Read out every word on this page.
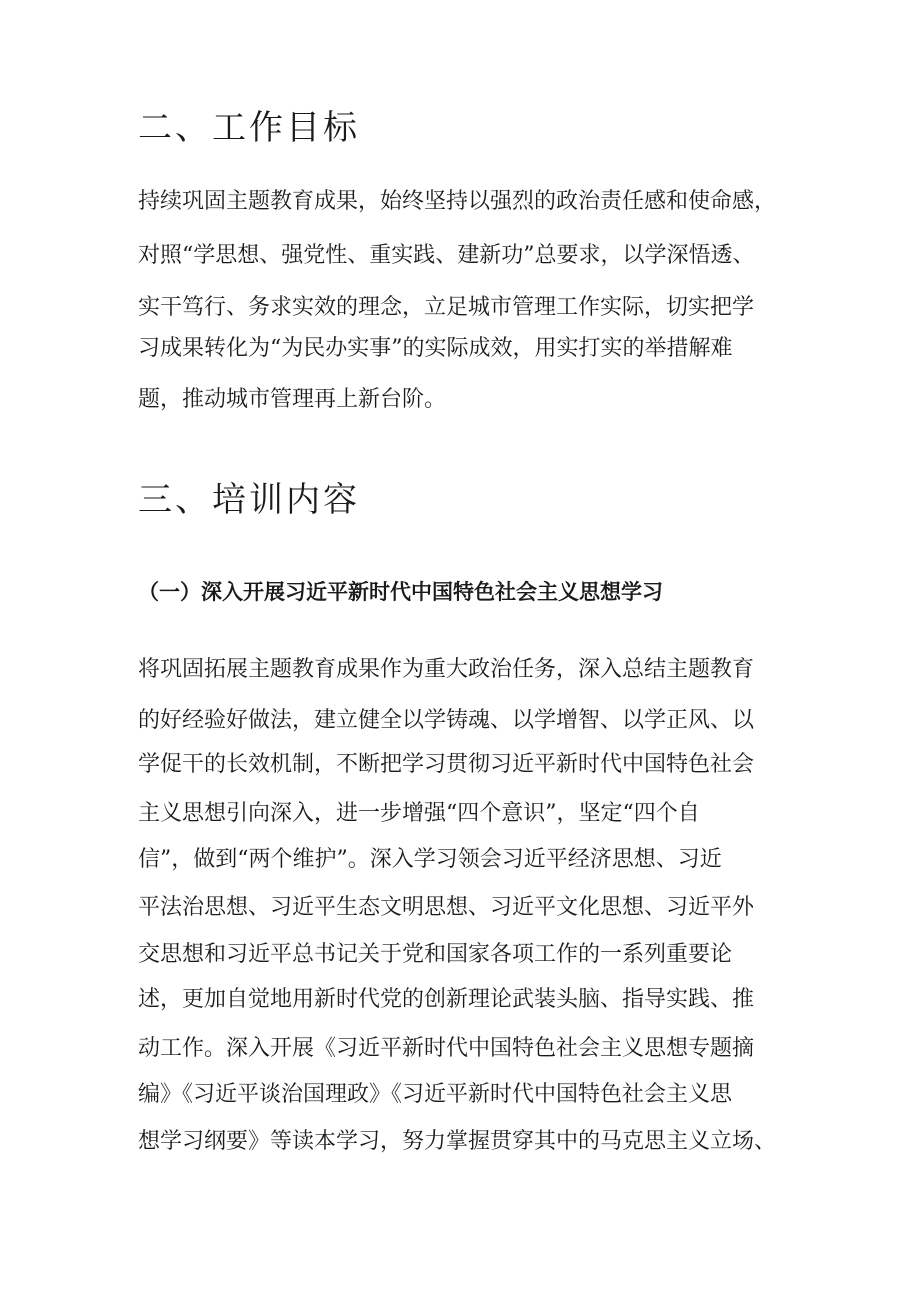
二、工作目标
持续巩固主题教育成果，始终坚持以强烈的政治责任感和使命感，
对照“学思想、强党性、重实践、建新功”总要求，以学深悟透、
实干笃行、务求实效的理念，立足城市管理工作实际，切实把学
习成果转化为“为民办实事”的实际成效，用实打实的举措解难
题，推动城市管理再上新台阶。
三、培训内容
（一）深入开展习近平新时代中国特色社会主义思想学习
将巩固拓展主题教育成果作为重大政治任务，深入总结主题教育
的好经验好做法，建立健全以学铸魂、以学增智、以学正风、以
学促干的长效机制，不断把学习贯彻习近平新时代中国特色社会
主义思想引向深入，进一步增强“四个意识”，坚定“四个自
信”，做到“两个维护”。深入学习领会习近平经济思想、习近
平法治思想、习近平生态文明思想、习近平文化思想、习近平外
交思想和习近平总书记关于党和国家各项工作的一系列重要论
述，更加自觉地用新时代党的创新理论武装头脑、指导实践、推
动工作。深入开展《习近平新时代中国特色社会主义思想专题摘
编》《习近平谈治国理政》《习近平新时代中国特色社会主义思
想学习纲要》等读本学习，努力掌握贯穿其中的马克思主义立场、
